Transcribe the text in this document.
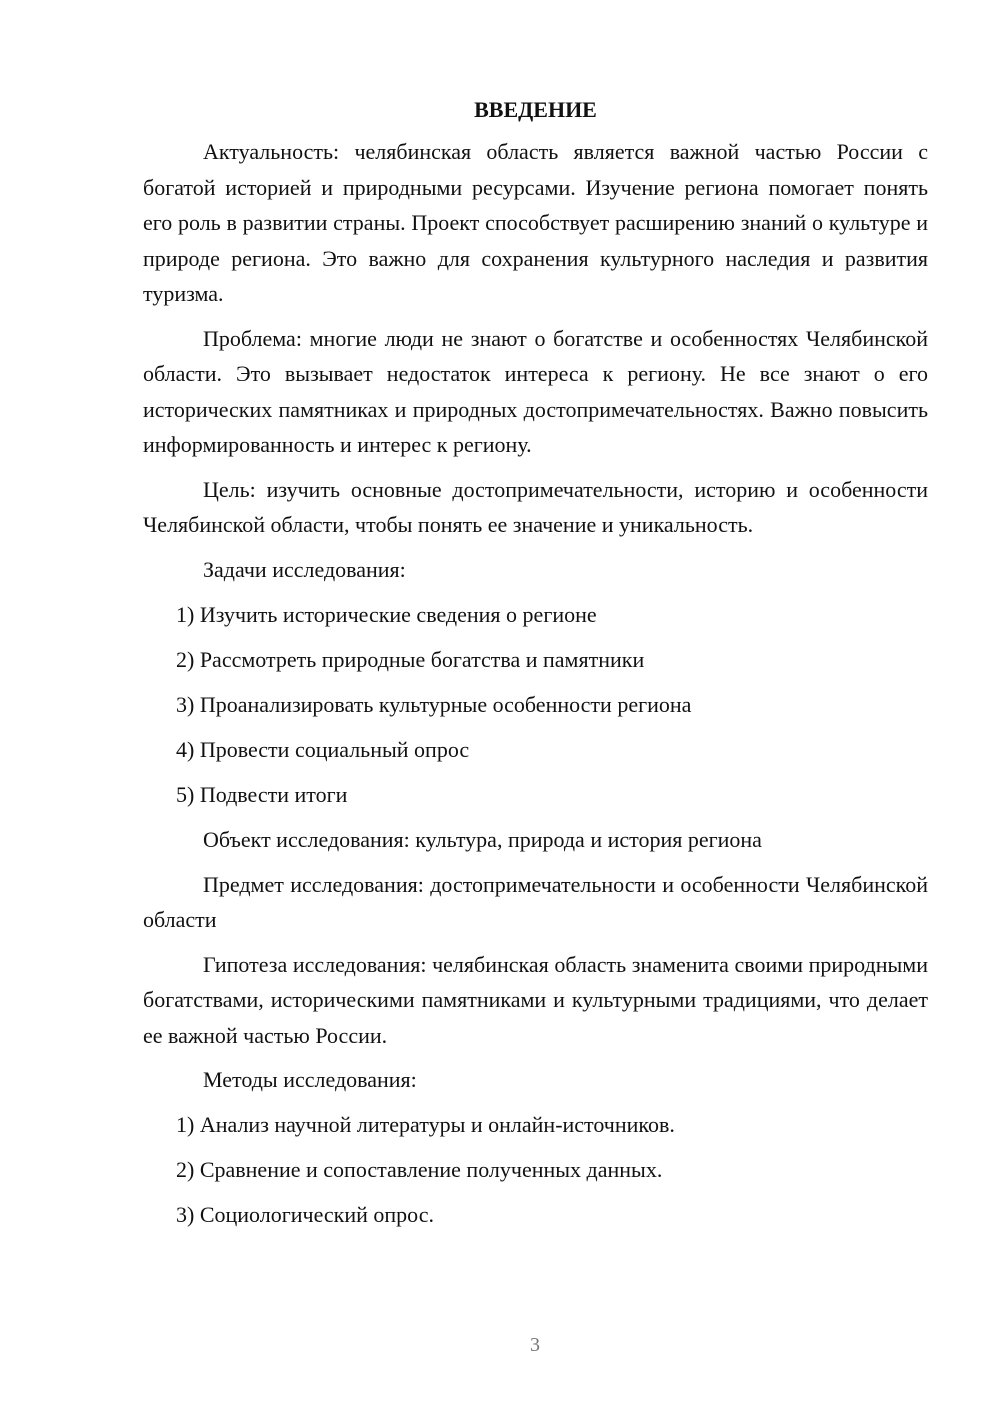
ВВЕДЕНИЕ

Актуальность: челябинская область является важной частью России с богатой историей и природными ресурсами. Изучение региона помогает понять его роль в развитии страны. Проект способствует расширению знаний о культуре и природе региона. Это важно для сохранения культурного наследия и развития туризма.

Проблема: многие люди не знают о богатстве и особенностях Челябинской области. Это вызывает недостаток интереса к региону. Не все знают о его исторических памятниках и природных достопримечательностях. Важно повысить информированность и интерес к региону.

Цель: изучить основные достопримечательности, историю и особенности Челябинской области, чтобы понять ее значение и уникальность.

Задачи исследования:

1) Изучить исторические сведения о регионе
2) Рассмотреть природные богатства и памятники
3) Проанализировать культурные особенности региона
4) Провести социальный опрос
5) Подвести итоги

Объект исследования: культура, природа и история региона

Предмет исследования: достопримечательности и особенности Челябинской области

Гипотеза исследования: челябинская область знаменита своими природными богатствами, историческими памятниками и культурными традициями, что делает ее важной частью России.

Методы исследования:

1) Анализ научной литературы и онлайн-источников.
2) Сравнение и сопоставление полученных данных.
3) Социологический опрос.
3
